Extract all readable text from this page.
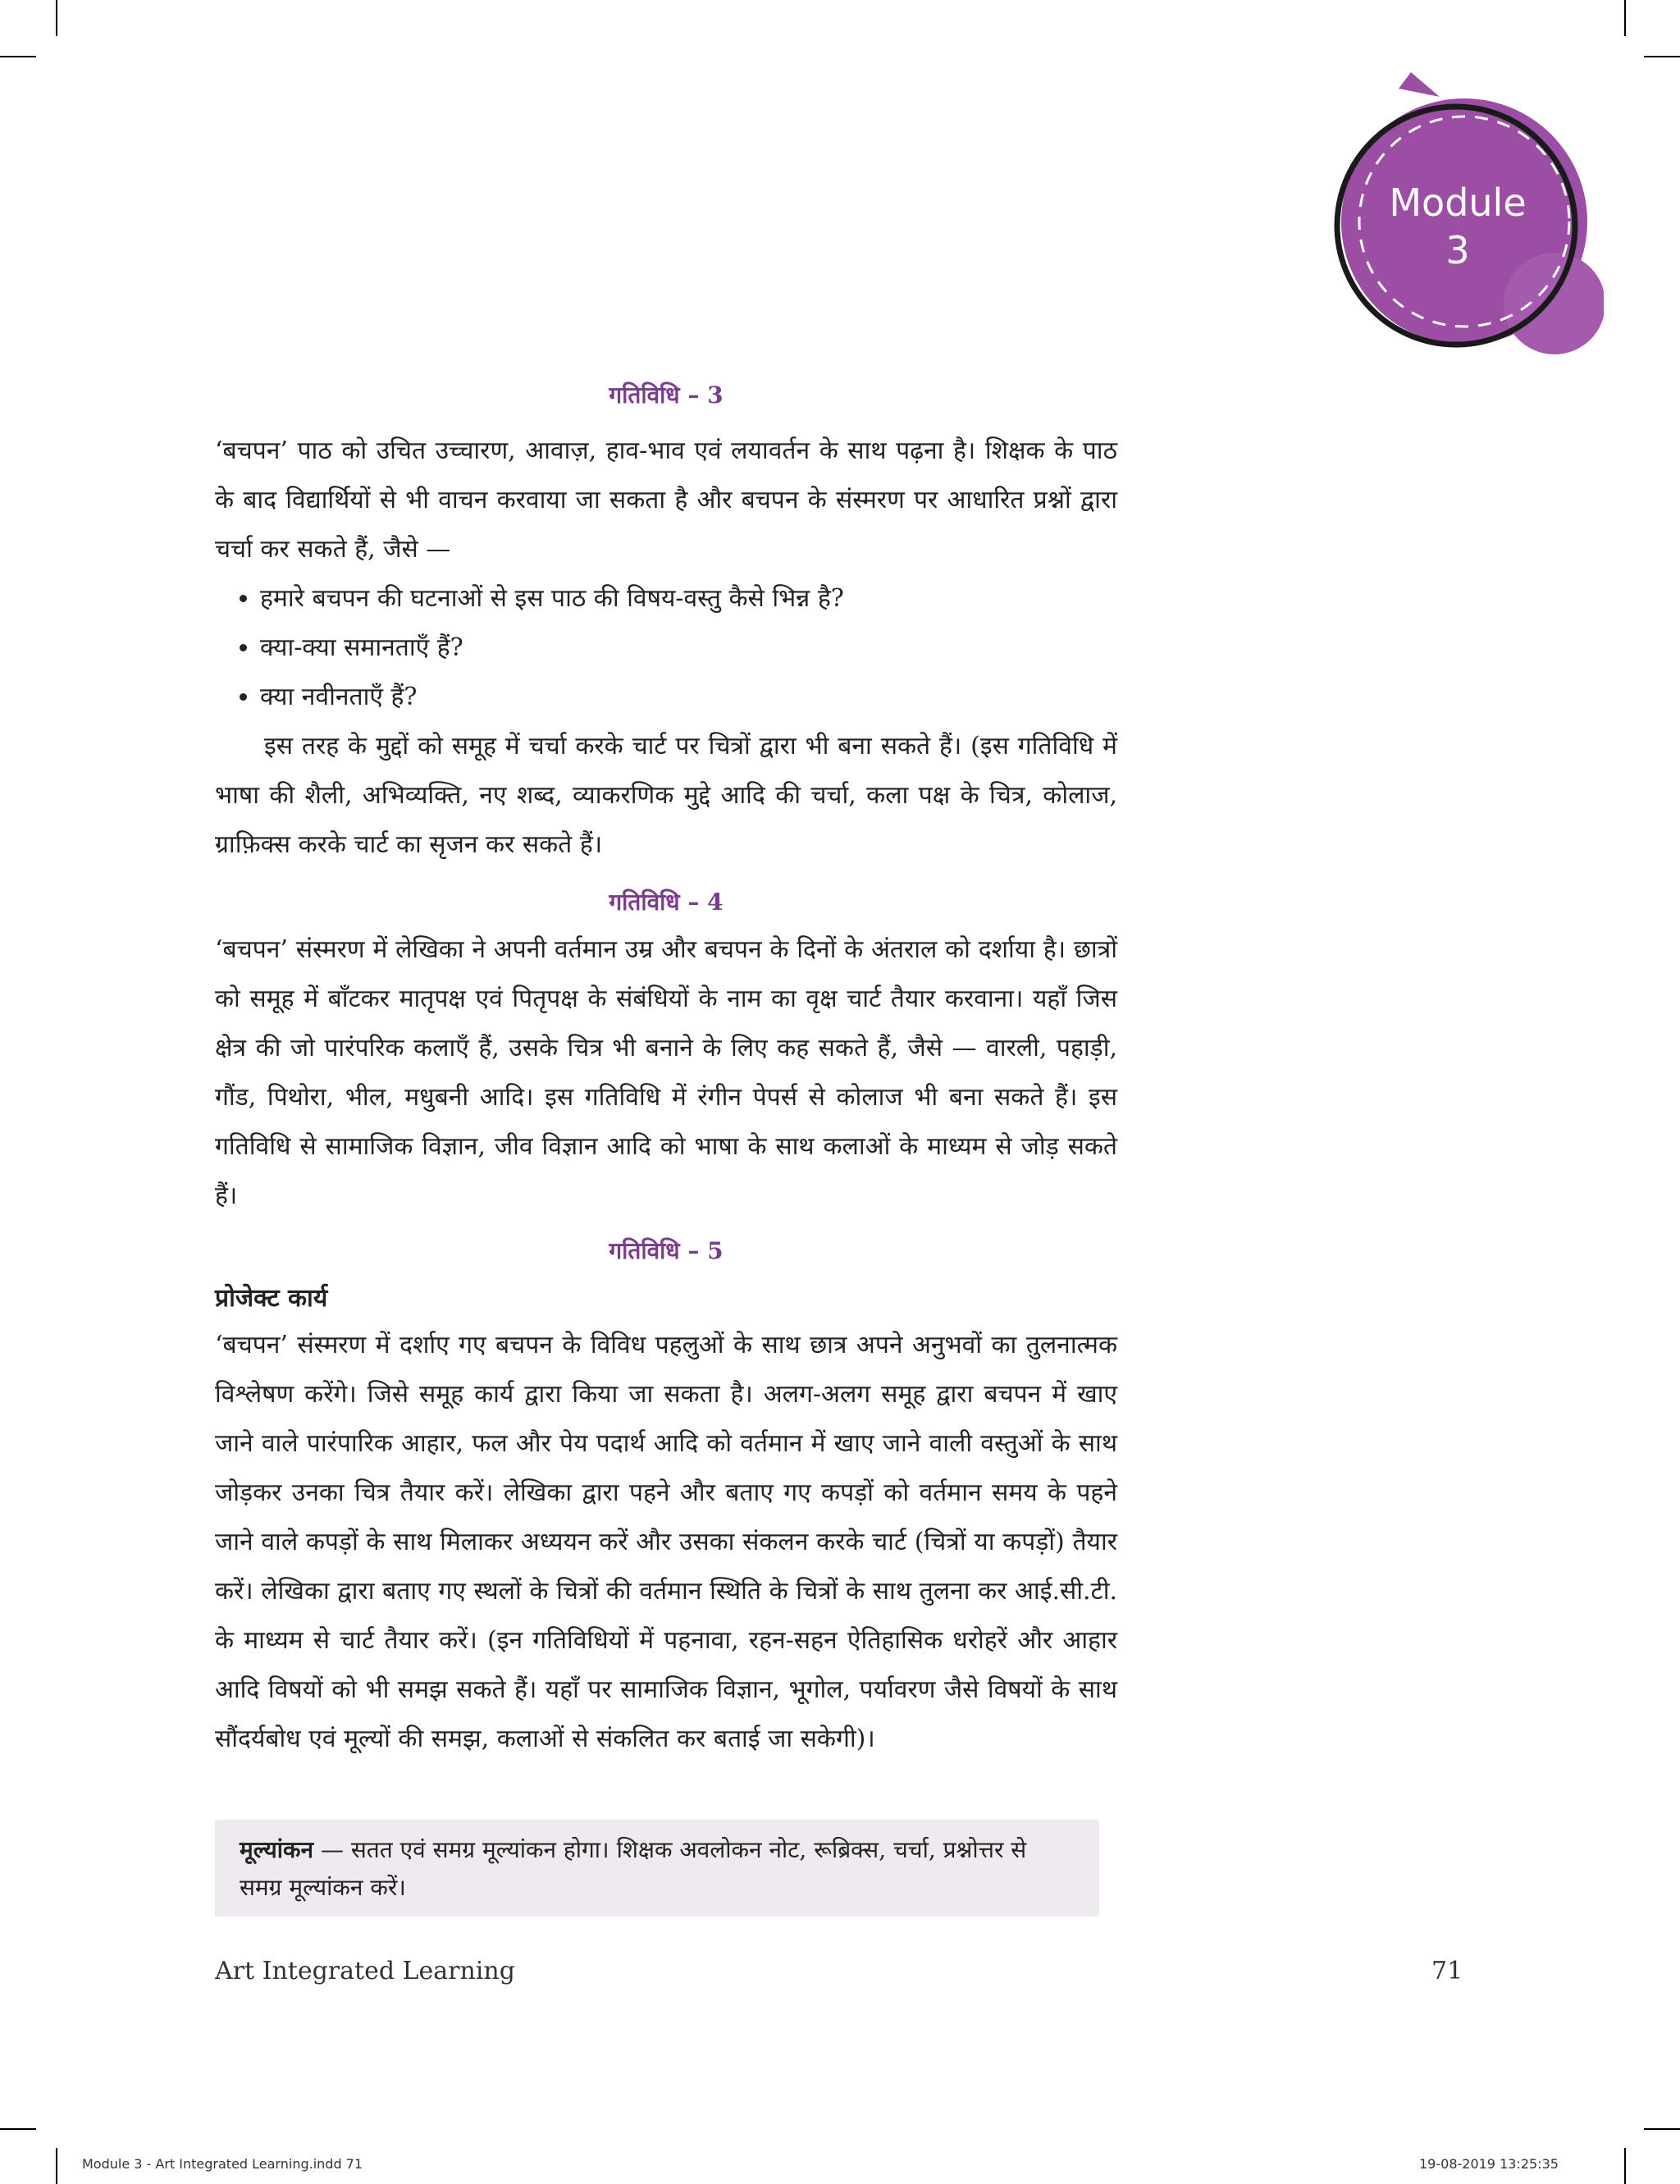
Module
3
गतिविधि – 3

‘बचपन’ पाठ को उचित उच्चारण, आवाज़, हाव-भाव एवं लयावर्तन के साथ पढ़ना है। शिक्षक के पाठ के बाद विद्यार्थियों से भी वाचन करवाया जा सकता है और बचपन के संस्मरण पर आधारित प्रश्नों द्वारा चर्चा कर सकते हैं, जैसे —

• हमारे बचपन की घटनाओं से इस पाठ की विषय-वस्तु कैसे भिन्न है?
• क्या-क्या समानताएँ हैं?
• क्या नवीनताएँ हैं?

इस तरह के मुद्दों को समूह में चर्चा करके चार्ट पर चित्रों द्वारा भी बना सकते हैं। (इस गतिविधि में भाषा की शैली, अभिव्यक्ति, नए शब्द, व्याकरणिक मुद्दे आदि की चर्चा, कला पक्ष के चित्र, कोलाज, ग्राफ़िक्स करके चार्ट का सृजन कर सकते हैं।

गतिविधि – 4

‘बचपन’ संस्मरण में लेखिका ने अपनी वर्तमान उम्र और बचपन के दिनों के अंतराल को दर्शाया है। छात्रों को समूह में बाँटकर मातृपक्ष एवं पितृपक्ष के संबंधियों के नाम का वृक्ष चार्ट तैयार करवाना। यहाँ जिस क्षेत्र की जो पारंपरिक कलाएँ हैं, उसके चित्र भी बनाने के लिए कह सकते हैं, जैसे — वारली, पहाड़ी, गौंड, पिथोरा, भील, मधुबनी आदि। इस गतिविधि में रंगीन पेपर्स से कोलाज भी बना सकते हैं। इस गतिविधि से सामाजिक विज्ञान, जीव विज्ञान आदि को भाषा के साथ कलाओं के माध्यम से जोड़ सकते हैं।

गतिविधि – 5
प्रोजेक्ट कार्य

‘बचपन’ संस्मरण में दर्शाए गए बचपन के विविध पहलुओं के साथ छात्र अपने अनुभवों का तुलनात्मक विश्लेषण करेंगे। जिसे समूह कार्य द्वारा किया जा सकता है। अलग-अलग समूह द्वारा बचपन में खाए जाने वाले पारंपारिक आहार, फल और पेय पदार्थ आदि को वर्तमान में खाए जाने वाली वस्तुओं के साथ जोड़कर उनका चित्र तैयार करें। लेखिका द्वारा पहने और बताए गए कपड़ों को वर्तमान समय के पहने जाने वाले कपड़ों के साथ मिलाकर अध्ययन करें और उसका संकलन करके चार्ट (चित्रों या कपड़ों) तैयार करें। लेखिका द्वारा बताए गए स्थलों के चित्रों की वर्तमान स्थिति के चित्रों के साथ तुलना कर आई.सी.टी. के माध्यम से चार्ट तैयार करें। (इन गतिविधियों में पहनावा, रहन-सहन ऐतिहासिक धरोहरें और आहार आदि विषयों को भी समझ सकते हैं। यहाँ पर सामाजिक विज्ञान, भूगोल, पर्यावरण जैसे विषयों के साथ सौंदर्यबोध एवं मूल्यों की समझ, कलाओं से संकलित कर बताई जा सकेगी)।

मूल्यांकन — सतत एवं समग्र मूल्यांकन होगा। शिक्षक अवलोकन नोट, रूब्रिक्स, चर्चा, प्रश्नोत्तर से समग्र मूल्यांकन करें।

Art Integrated Learning	71
Module 3 - Art Integrated Learning.indd 71	19-08-2019 13:25:35
